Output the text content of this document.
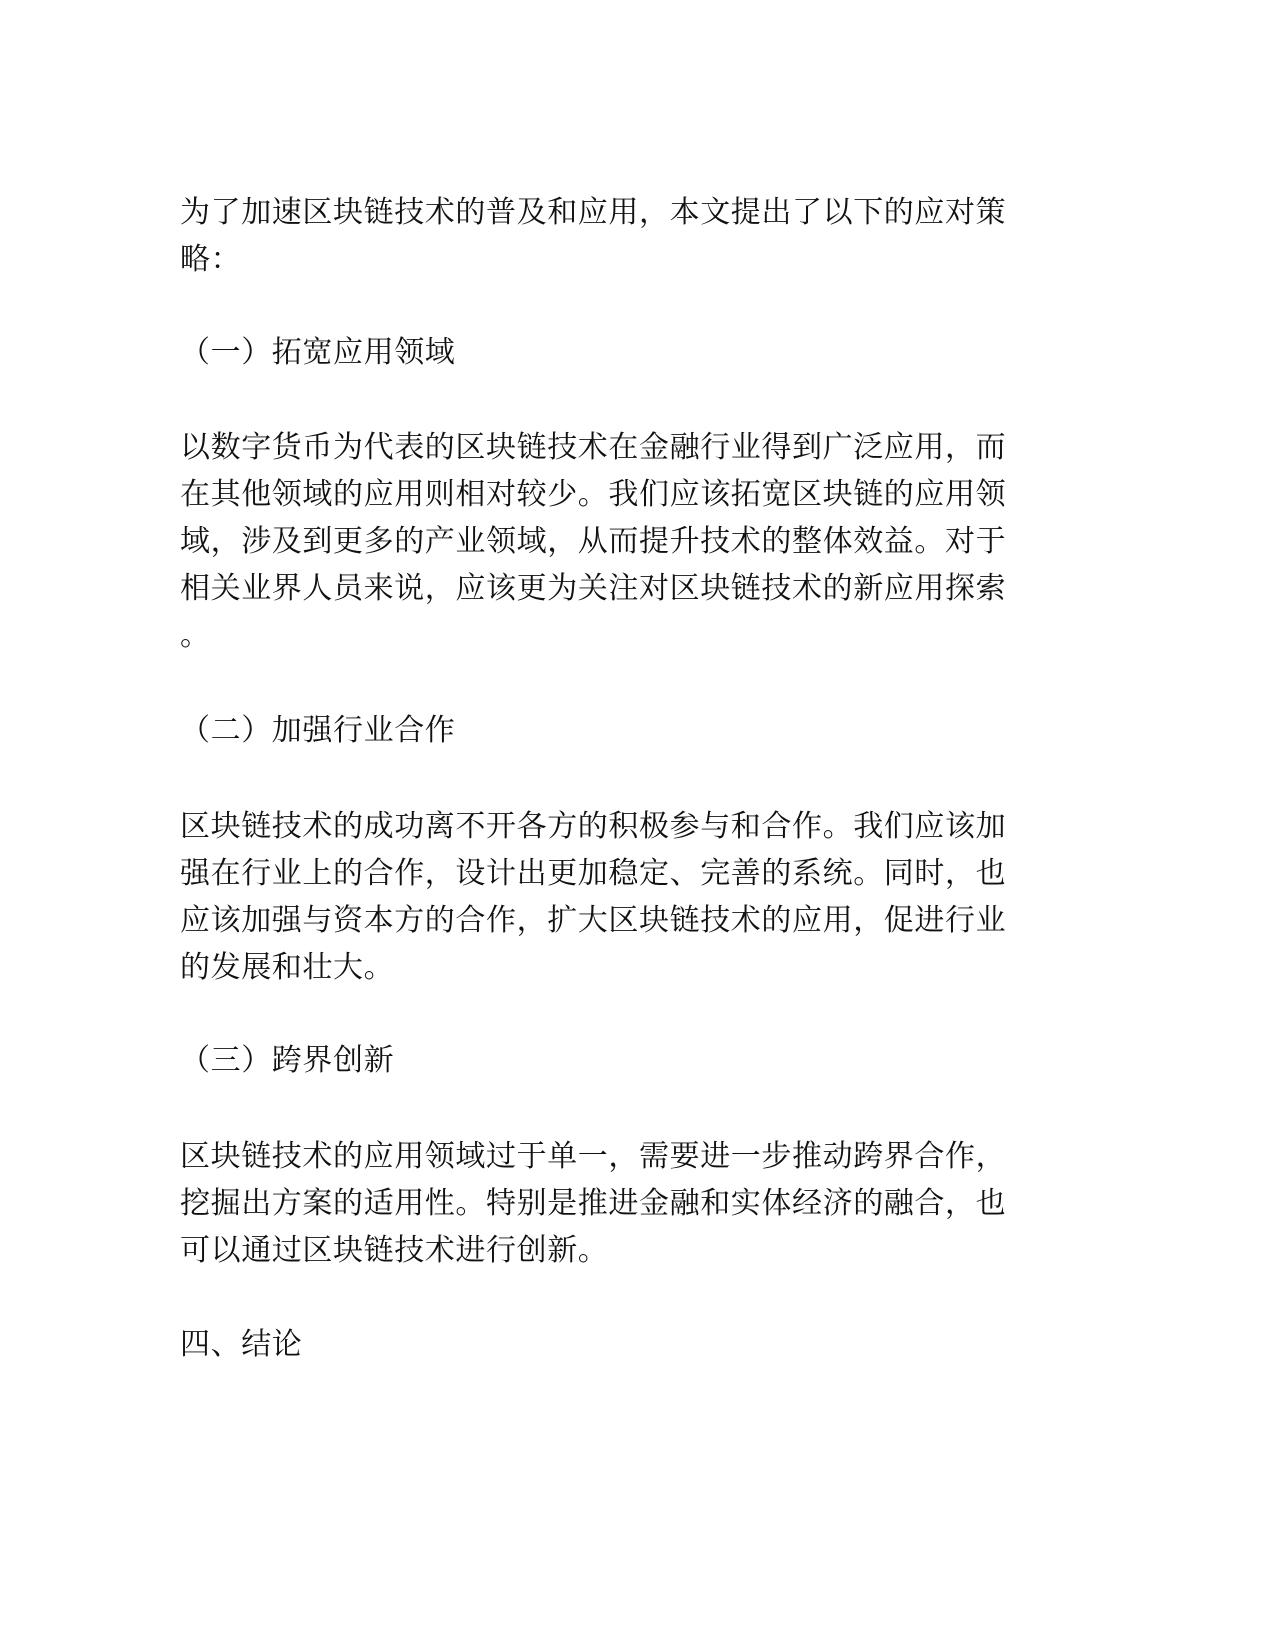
为了加速区块链技术的普及和应用，本文提出了以下的应对策
略：
（一）拓宽应用领域
以数字货币为代表的区块链技术在金融行业得到广泛应用，而
在其他领域的应用则相对较少。我们应该拓宽区块链的应用领
域，涉及到更多的产业领域，从而提升技术的整体效益。对于
相关业界人员来说，应该更为关注对区块链技术的新应用探索
。
（二）加强行业合作
区块链技术的成功离不开各方的积极参与和合作。我们应该加
强在行业上的合作，设计出更加稳定、完善的系统。同时，也
应该加强与资本方的合作，扩大区块链技术的应用，促进行业
的发展和壮大。
（三）跨界创新
区块链技术的应用领域过于单一，需要进一步推动跨界合作，
挖掘出方案的适用性。特别是推进金融和实体经济的融合，也
可以通过区块链技术进行创新。
四、结论
